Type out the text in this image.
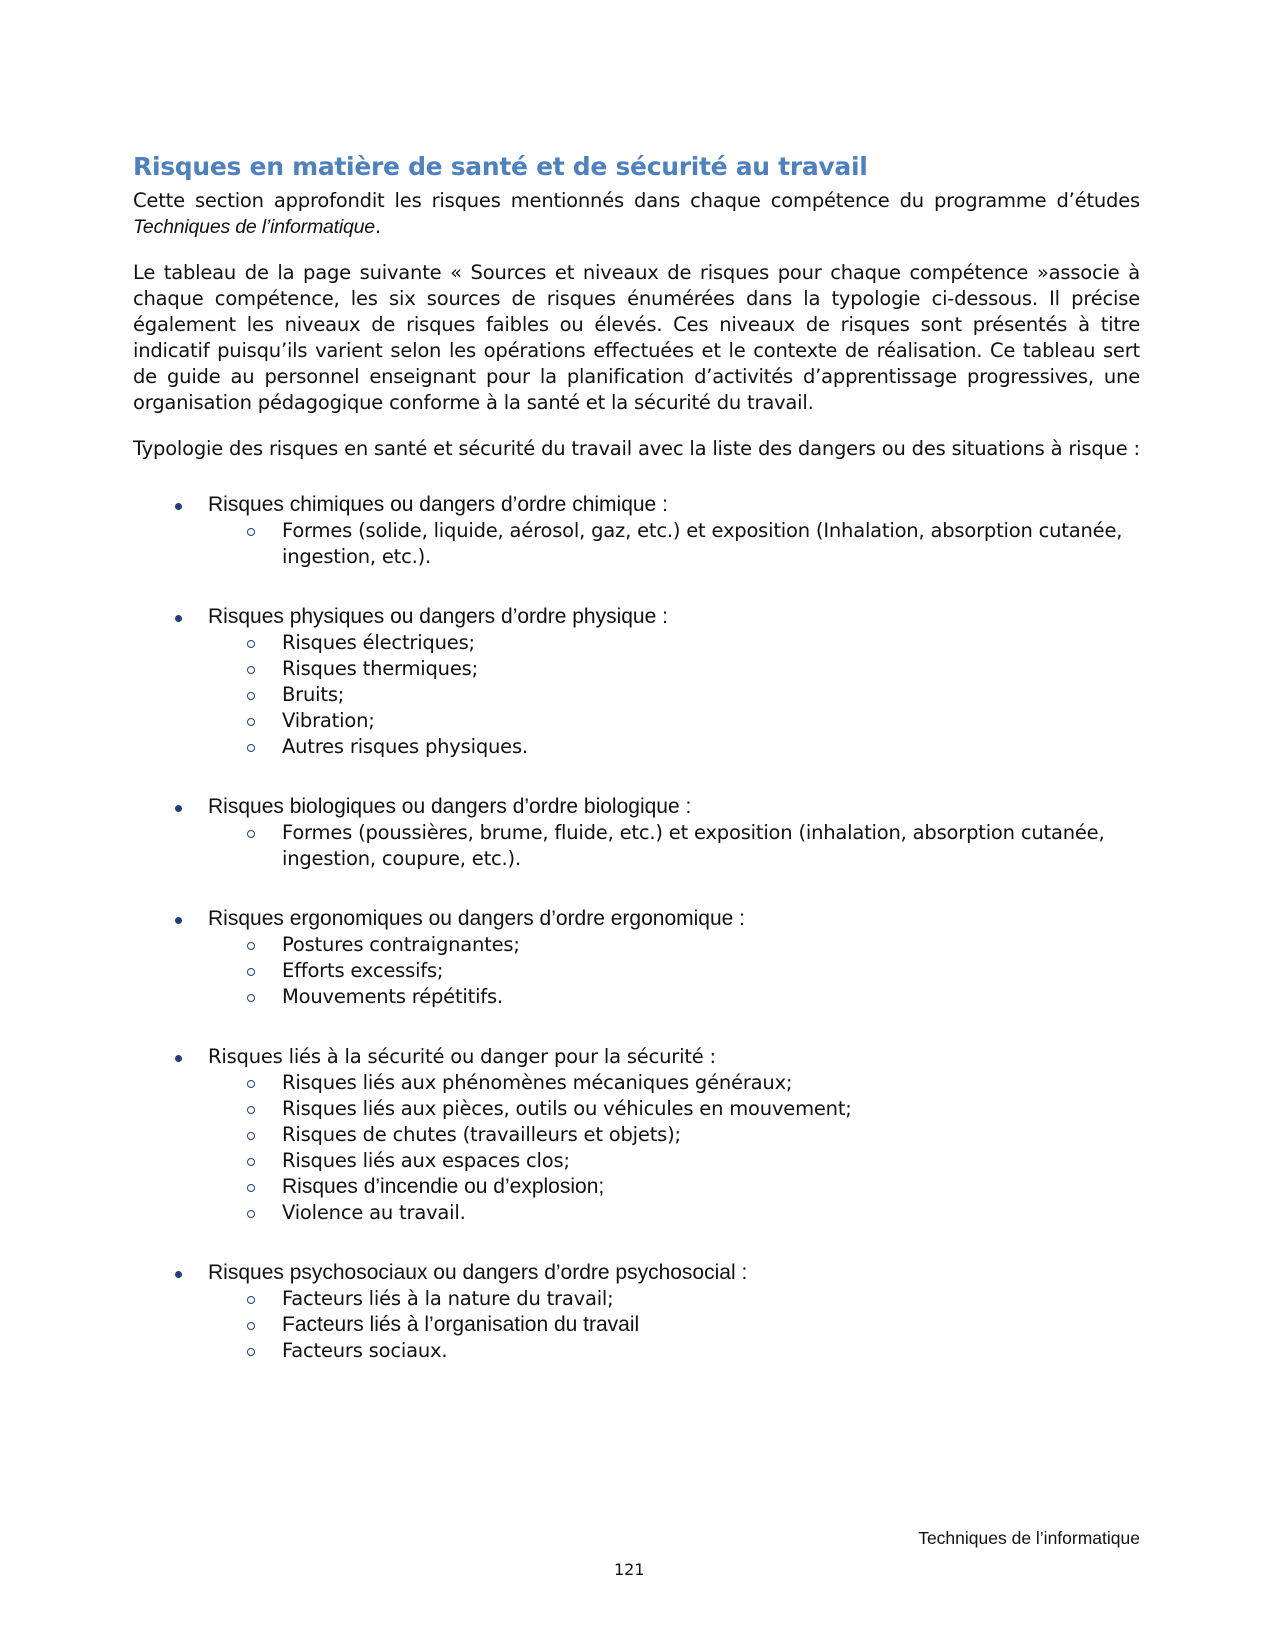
Risques en matière de santé et de sécurité au travail

Cette section approfondit les risques mentionnés dans chaque compétence du programme d’études Techniques de l’informatique.

Le tableau de la page suivante « Sources et niveaux de risques pour chaque compétence »associe à chaque compétence, les six sources de risques énumérées dans la typologie ci-dessous. Il précise également les niveaux de risques faibles ou élevés. Ces niveaux de risques sont présentés à titre indicatif puisqu’ils varient selon les opérations effectuées et le contexte de réalisation. Ce tableau sert de guide au personnel enseignant pour la planification d’activités d’apprentissage progressives, une organisation pédagogique conforme à la santé et la sécurité du travail.

Typologie des risques en santé et sécurité du travail avec la liste des dangers ou des situations à risque :

Risques chimiques ou dangers d’ordre chimique :
Formes (solide, liquide, aérosol, gaz, etc.) et exposition (Inhalation, absorption cutanée, ingestion, etc.).
Risques physiques ou dangers d’ordre physique :
Risques électriques;
Risques thermiques;
Bruits;
Vibration;
Autres risques physiques.
Risques biologiques ou dangers d’ordre biologique :
Formes (poussières, brume, fluide, etc.) et exposition (inhalation, absorption cutanée, ingestion, coupure, etc.).
Risques ergonomiques ou dangers d’ordre ergonomique :
Postures contraignantes;
Efforts excessifs;
Mouvements répétitifs.
Risques liés à la sécurité ou danger pour la sécurité :
Risques liés aux phénomènes mécaniques généraux;
Risques liés aux pièces, outils ou véhicules en mouvement;
Risques de chutes (travailleurs et objets);
Risques liés aux espaces clos;
Risques d’incendie ou d’explosion;
Violence au travail.
Risques psychosociaux ou dangers d’ordre psychosocial :
Facteurs liés à la nature du travail;
Facteurs liés à l’organisation du travail
Facteurs sociaux.
Techniques de l’informatique
121
